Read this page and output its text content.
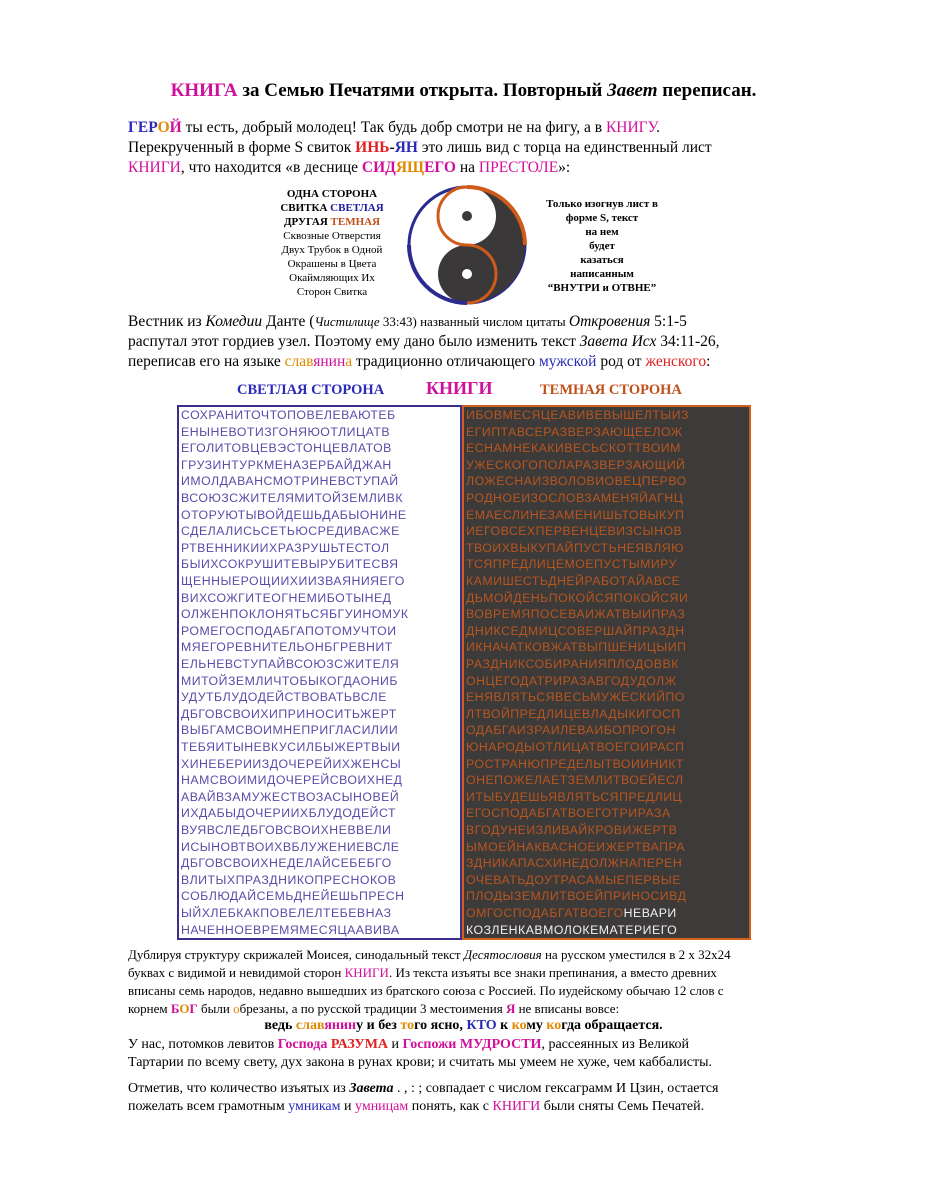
КНИГА за Семью Печатями открыта. Повторный Завет переписан.
ГЕРОЙ ты есть, добрый молодец! Так будь добр смотри не на фигу, а в КНИГУ.
Перекрученный в форме S свиток ИНЬ-ЯН это лишь вид с торца на единственный лист
КНИГИ, что находится «в деснице СИДЯЩЕГО на ПРЕСТОЛЕ»:
ОДНА СТОРОНА
СВИТКА СВЕТЛАЯ
ДРУГАЯ ТЕМНАЯ
Сквозные Отверстия
Двух Трубок в Одной
Окрашены в Цвета
Окаймляющих Их
Сторон Свитка
Только изогнув лист в
форме S, текст
на нем
будет
казаться
написанным
“ВНУТРИ и ОТВНЕ”
Вестник из Комедии Данте (Чистилище 33:43) названный числом цитаты Откровения 5:1-5
распутал этот гордиев узел. Поэтому ему дано было изменить текст Завета Исх 34:11-26,
переписав его на языке славянина традиционно отличающего мужской род от женского:
СВЕТЛАЯ СТОРОНА КНИГИ	ТЕМНАЯ СТОРОНА
СОХРАНИТОЧТОПОВЕЛЕВАЮТЕБ
ЕНЫНЕВОТИЗГОНЯЮОТЛИЦАТВ
ЕГОЛИТОВЦЕВЭСТОНЦЕВЛАТОВ
ГРУЗИНТУРКМЕНАЗЕРБАЙДЖАН
ИМОЛДАВАНСМОТРИНЕВСТУПАЙ
ВСОЮЗСЖИТЕЛЯМИТОЙЗЕМЛИВК
ОТОРУЮТЫВОЙДЕШЬДАБЫОНИНЕ
СДЕЛАЛИСЬСЕТЬЮСРЕДИВАСЖЕ
РТВЕННИКИИХРАЗРУШЬТЕСТОЛ
БЫИХСОКРУШИТЕВЫРУБИТЕСВЯ
ЩЕННЫЕРОЩИИХИИЗВАЯНИЯЕГО
ВИХСОЖГИТЕОГНЕМИБОТЫНЕД
ОЛЖЕНПОКЛОНЯТЬСЯБГУИНОМУК
РОМЕГОСПОДАБГАПОТОМУЧТОИ
МЯЕГОРЕВНИТЕЛЬОНБГРЕВНИТ
ЕЛЬНЕВСТУПАЙВСОЮЗСЖИТЕЛЯ
МИТОЙЗЕМЛИЧТОБЫКОГДАОНИБ
УДУТБЛУДОДЕЙСТВОВАТЬВСЛЕ
ДБГОВСВОИХИПРИНОСИТЬЖЕРТ
ВЫБГАМСВОИМНЕПРИГЛАСИЛИИ
ТЕБЯИТЫНЕВКУСИЛБЫЖЕРТВЫИ
ХИНЕБЕРИИЗДОЧЕРЕЙИХЖЕНСЫ
НАМСВОИМИДОЧЕРЕЙСВОИХНЕД
АВАЙВЗАМУЖЕСТВОЗАСЫНОВЕЙ
ИХДАБЫДОЧЕРИИХБЛУДОДЕЙСТ
ВУЯВСЛЕДБГОВСВОИХНЕВВЕЛИ
ИСЫНОВТВОИХВБЛУЖЕНИЕВСЛЕ
ДБГОВСВОИХНЕДЕЛАЙСЕБЕБГО
ВЛИТЫХПРАЗДНИКОПРЕСНОКОВ
СОБЛЮДАЙСЕМЬДНЕЙЕШЬПРЕСН
ЫЙХЛЕБКАКПОВЕЛЕЛТЕБЕВНАЗ
НАЧЕННОЕВРЕМЯМЕСЯЦААВИВА
ИБОВМЕСЯЦЕАВИВЕВЫШЕЛТЫИЗ
ЕГИПТАВСЕРАЗВЕРЗАЮЩЕЕЛОЖ
ЕСНАМНЕКАКИВЕСЬСКОТТВОИМ
УЖЕСКОГОПОЛАРАЗВЕРЗАЮЩИЙ
ЛОЖЕСНАИЗВОЛОВИОВЕЦПЕРВО
РОДНОЕИЗОСЛОВЗАМЕНЯЙАГНЦ
ЕМАЕСЛИНЕЗАМЕНИШЬТОВЫКУП
ИЕГОВСЕХПЕРВЕНЦЕВИЗСЫНОВ
ТВОИХВЫКУПАЙПУСТЬНЕЯВЛЯЮ
ТСЯПРЕДЛИЦЕМОЕПУСТЫМИРУ
КАМИШЕСТЬДНЕЙРАБОТАЙАВСЕ
ДЬМОЙДЕНЬПОКОЙСЯПОКОЙСЯИ
ВОВРЕМЯПОСЕВАИЖАТВЫИПРАЗ
ДНИКСЕДМИЦСОВЕРШАЙПРАЗДН
ИКНАЧАТКОВЖАТВЫПШЕНИЦЫИП
РАЗДНИКСОБИРАНИЯПЛОДОВВК
ОНЦЕГОДАТРИРАЗАВГОДУДОЛЖ
ЕНЯВЛЯТЬСЯВЕСЬМУЖЕСКИЙПО
ЛТВОЙПРЕДЛИЦЕВЛАДЫКИГОСП
ОДАБГАИЗРАИЛЕВАИБОПРОГОН
ЮНАРОДЫОТЛИЦАТВОЕГОИРАСП
РОСТРАНЮПРЕДЕЛЫТВОИИНИКТ
ОНЕПОЖЕЛАЕТЗЕМЛИТВОЕЙЕСЛ
ИТЫБУДЕШЬЯВЛЯТЬСЯПРЕДЛИЦ
ЕГОСПОДАБГАТВОЕГОТРИРАЗА
ВГОДУНЕИЗЛИВАЙКРОВИЖЕРТВ
ЫМОЕЙНАКВАСНОЕИЖЕРТВАПРА
ЗДНИКАПАСХИНЕДОЛЖНАПЕРЕН
ОЧЕВАТЬДОУТРАСАМЫЕПЕРВЫЕ
ПЛОДЫЗЕМЛИТВОЕЙПРИНОСИВД
ОМГОСПОДАБГАТВОЕГОНЕВАРИ
КОЗЛЕНКАВМОЛОКЕМАТЕРИЕГО
Дублируя структуру скрижалей Моисея, синодальный текст Десятословия на русском уместился в 2 х 32х24
буквах с видимой и невидимой сторон КНИГИ. Из текста изъяты все знаки препинания, а вместо древних
вписаны семь народов, недавно вышедших из братского союза с Россией. По иудейскому обычаю 12 слов с
корнем БОГ были обрезаны, а по русской традиции 3 местоимения Я не вписаны вовсе:
ведь славянину и без того ясно, КТО к кому когда обращается.
У нас, потомков левитов Господа РАЗУМА и Госпожи МУДРОСТИ, рассеянных из Великой
Тартарии по всему свету, дух закона в рунах крови; и считать мы умеем не хуже, чем каббалисты.
Отметив, что количество изъятых из Завета . , : ; совпадает с числом гексаграмм И Цзин, остается
пожелать всем грамотным умникам и умницам понять, как с КНИГИ были сняты Семь Печатей.
